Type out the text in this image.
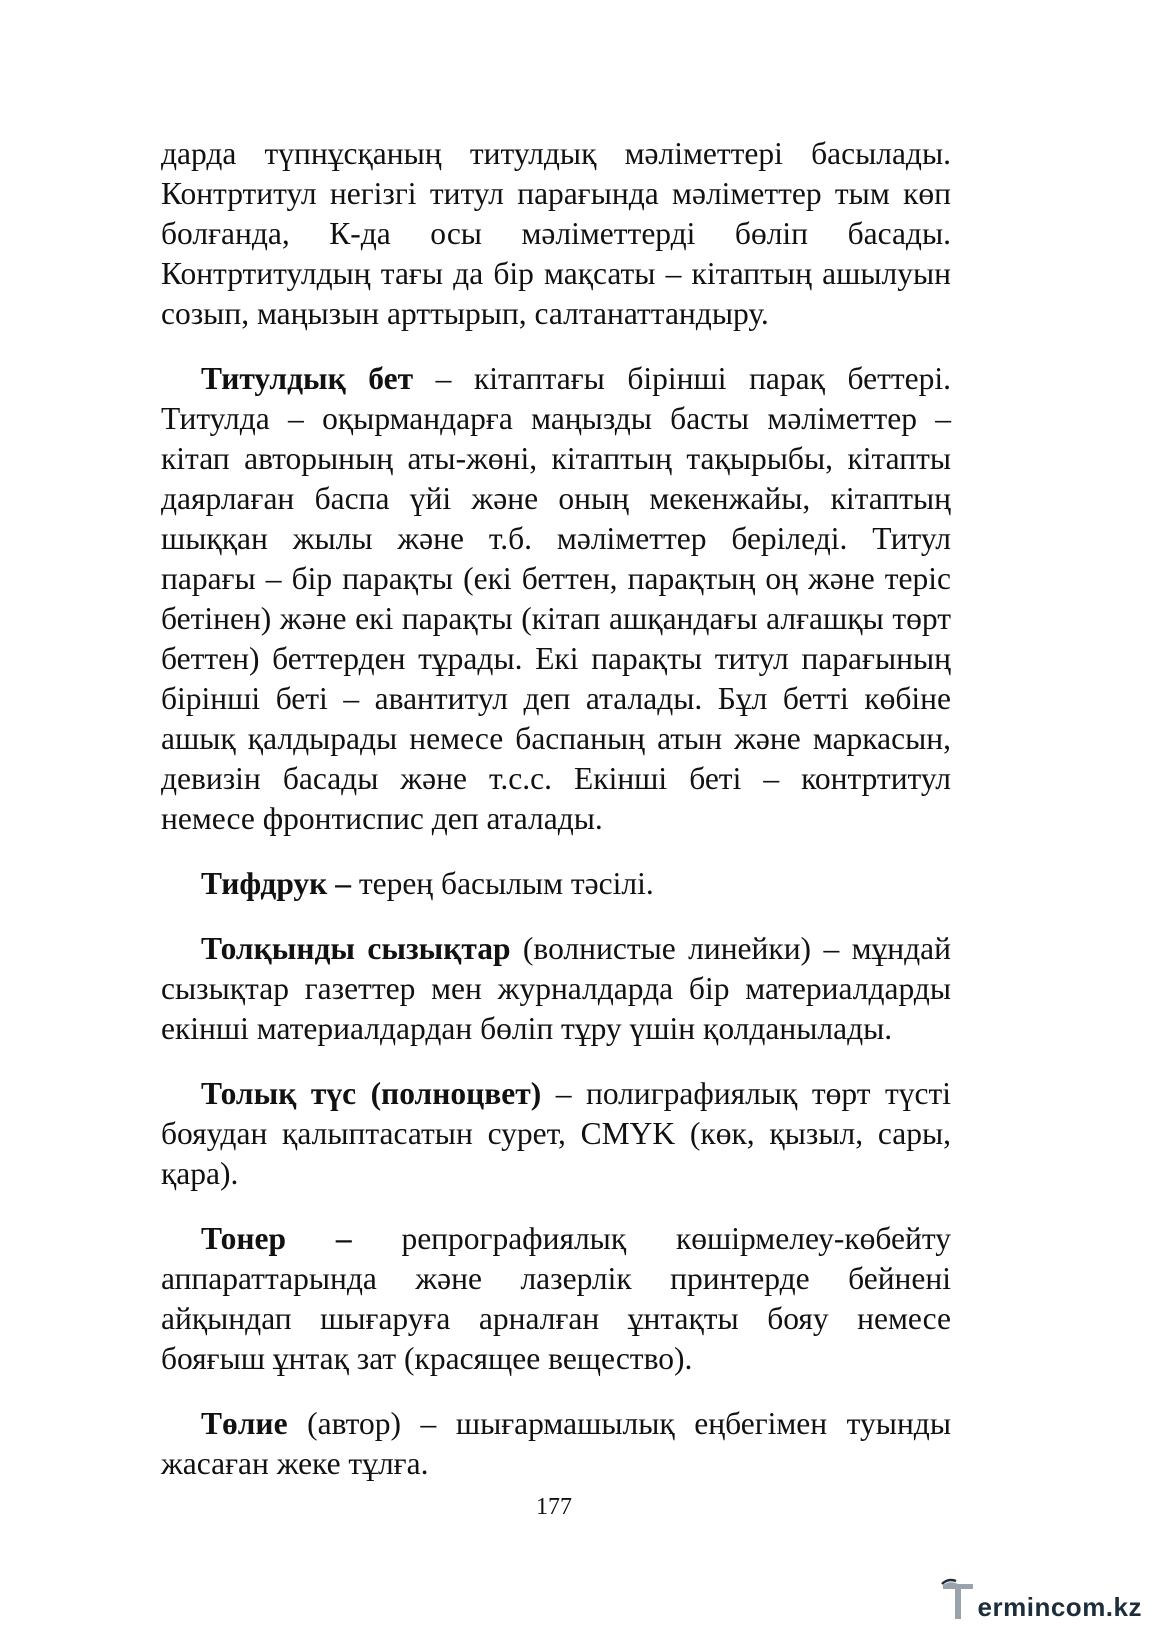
дарда түпнұсқаның титулдық мәліметтері басылады. Контртитул негізгі титул парағында мәліметтер тым көп болғанда, К-да осы мәліметтерді бөліп басады. Контртитулдың тағы да бір мақсаты – кітаптың ашылуын созып, маңызын арттырып, салтанаттандыру.

Титулдық бет – кітаптағы бірінші парақ беттері. Титулда – оқырмандарға маңызды басты мәліметтер – кітап авторының аты-жөні, кітаптың тақырыбы, кітапты даярлаған баспа үйі және оның мекенжайы, кітаптың шыққан жылы және т.б. мәліметтер беріледі. Титул парағы – бір парақты (екі беттен, парақтың оң және теріс бетінен) және екі парақты (кітап ашқандағы алғашқы төрт беттен) беттерден тұрады. Екі парақты титул парағының бірінші беті – авантитул деп аталады. Бұл бетті көбіне ашық қалдырады немесе баспаның атын және маркасын, девизін басады және т.с.с. Екінші беті – контртитул немесе фронтиспис деп аталады.

Тифдрук – терең басылым тәсілі.

Толқынды сызықтар (волнистые линейки) – мұндай сызықтар газеттер мен журналдарда бір материалдарды екінші материалдардан бөліп тұру үшін қолданылады.

Толық түс (полноцвет) – полиграфиялық төрт түсті бояудан қалыптасатын сурет, CMYK (көк, қызыл, сары, қара).

Тонер – репрографиялық көшірмелеу-көбейту аппараттарында және лазерлік принтерде бейнені айқындап шығаруға арналған ұнтақты бояу немесе бояғыш ұнтақ зат (красящее вещество).

Төлие (автор) – шығармашылық еңбегімен туынды жасаған жеке тұлға.

177
ermincom.kz
